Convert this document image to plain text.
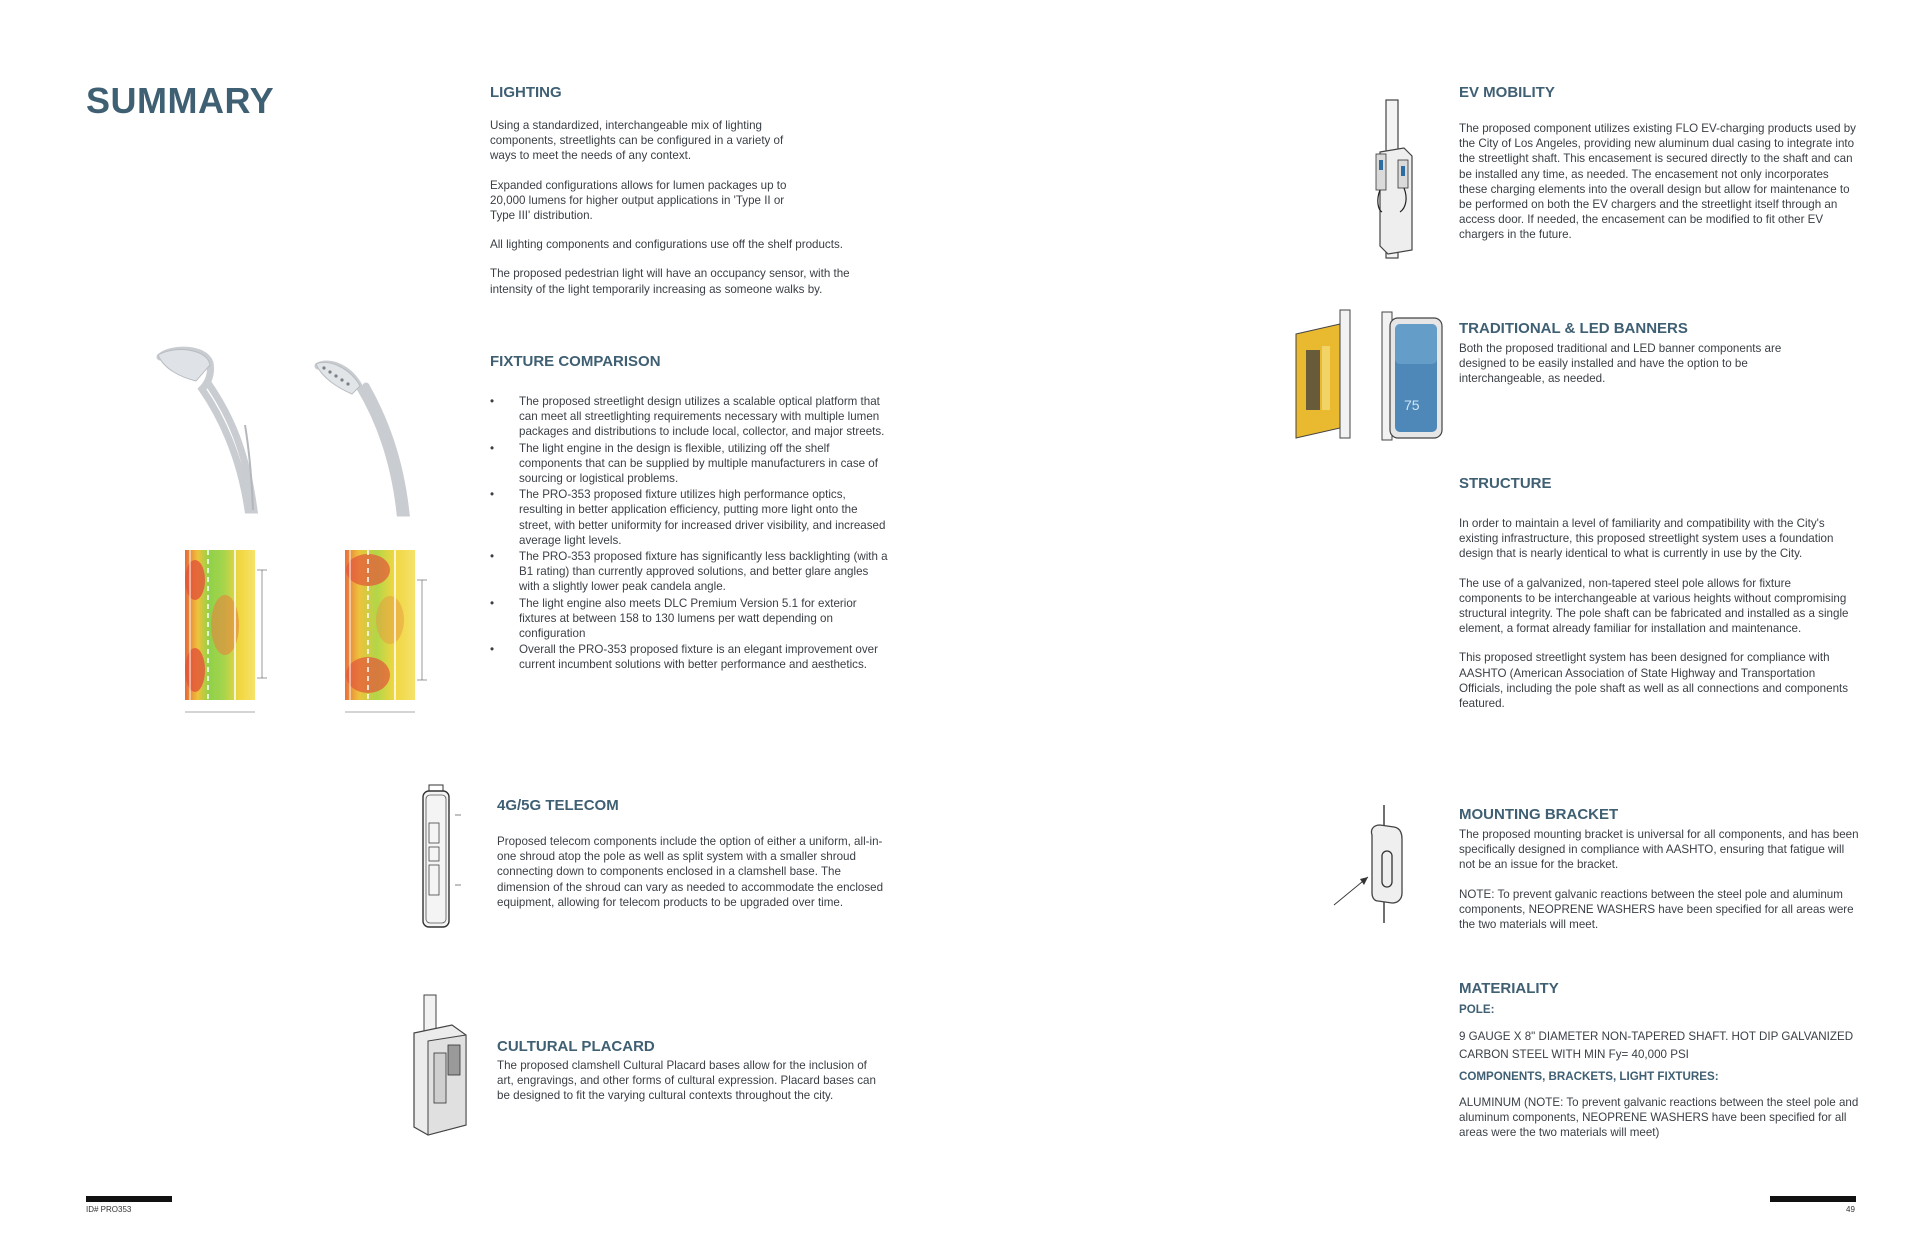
SUMMARY	LIGHTING

Using a standardized, interchangeable mix of lighting components, streetlights can be configured in a variety of ways to meet the needs of any context.

Expanded configurations allows for lumen packages up to 20,000 lumens for higher output applications in 'Type II or Type III' distribution.

All lighting components and configurations use off the shelf products.

The proposed pedestrian light will have an occupancy sensor, with the intensity of the light temporarily increasing as someone walks by.

FIXTURE COMPARISON
• The proposed streetlight design utilizes a scalable optical platform that can meet all streetlighting requirements necessary with multiple lumen packages and distributions to include local, collector, and major streets.
• The light engine in the design is flexible, utilizing off the shelf components that can be supplied by multiple manufacturers in case of sourcing or logistical problems.
• The PRO-353 proposed fixture utilizes high performance optics, resulting in better application efficiency, putting more light onto the street, with better uniformity for increased driver visibility, and increased average light levels.
• The PRO-353 proposed fixture has significantly less backlighting (with a B1 rating) than currently approved solutions, and better glare angles with a slightly lower peak candela angle.
• The light engine also meets DLC Premium Version 5.1 for exterior fixtures at between 158 to 130 lumens per watt depending on configuration
• Overall the PRO-353 proposed fixture is an elegant improvement over current incumbent solutions with better performance and aesthetics.
4G/5G TELECOM

Proposed telecom components include the option of either a uniform, all-in-one shroud atop the pole as well as split system with a smaller shroud connecting down to components enclosed in a clamshell base. The dimension of the shroud can vary as needed to accommodate the enclosed equipment, allowing for telecom products to be upgraded over time.

CULTURAL PLACARD

The proposed clamshell Cultural Placard bases allow for the inclusion of art, engravings, and other forms of cultural expression. Placard bases can be designed to fit the varying cultural contexts throughout the city.

ID# PRO353
EV MOBILITY

The proposed component utilizes existing FLO EV-charging products used by the City of Los Angeles, providing new aluminum dual casing to integrate into the streetlight shaft. This encasement is secured directly to the shaft and can be installed any time, as needed. The encasement not only incorporates these charging elements into the overall design but allow for maintenance to be performed on both the EV chargers and the streetlight itself through an access door. If needed, the encasement can be modified to fit other EV chargers in the future.

75
TRADITIONAL & LED BANNERS

Both the proposed traditional and LED banner components are designed to be easily installed and have the option to be interchangeable, as needed.

STRUCTURE

In order to maintain a level of familiarity and compatibility with the City's existing infrastructure, this proposed streetlight system uses a foundation design that is nearly identical to what is currently in use by the City.

The use of a galvanized, non-tapered steel pole allows for fixture components to be interchangeable at various heights without compromising structural integrity. The pole shaft can be fabricated and installed as a single element, a format already familiar for installation and maintenance.

This proposed streetlight system has been designed for compliance with AASHTO (American Association of State Highway and Transportation Officials, including the pole shaft as well as all connections and components featured.

MOUNTING BRACKET

The proposed mounting bracket is universal for all components, and has been specifically designed in compliance with AASHTO, ensuring that fatigue will not be an issue for the bracket.

NOTE: To prevent galvanic reactions between the steel pole and aluminum components, NEOPRENE WASHERS have been specified for all areas were the two materials will meet.

MATERIALITY

POLE:

9 GAUGE X 8" DIAMETER NON-TAPERED SHAFT. HOT DIP GALVANIZED CARBON STEEL WITH MIN Fy= 40,000 PSI

COMPONENTS, BRACKETS, LIGHT FIXTURES:

ALUMINUM (NOTE: To prevent galvanic reactions between the steel pole and aluminum components, NEOPRENE WASHERS have been specified for all areas were the two materials will meet)

49
